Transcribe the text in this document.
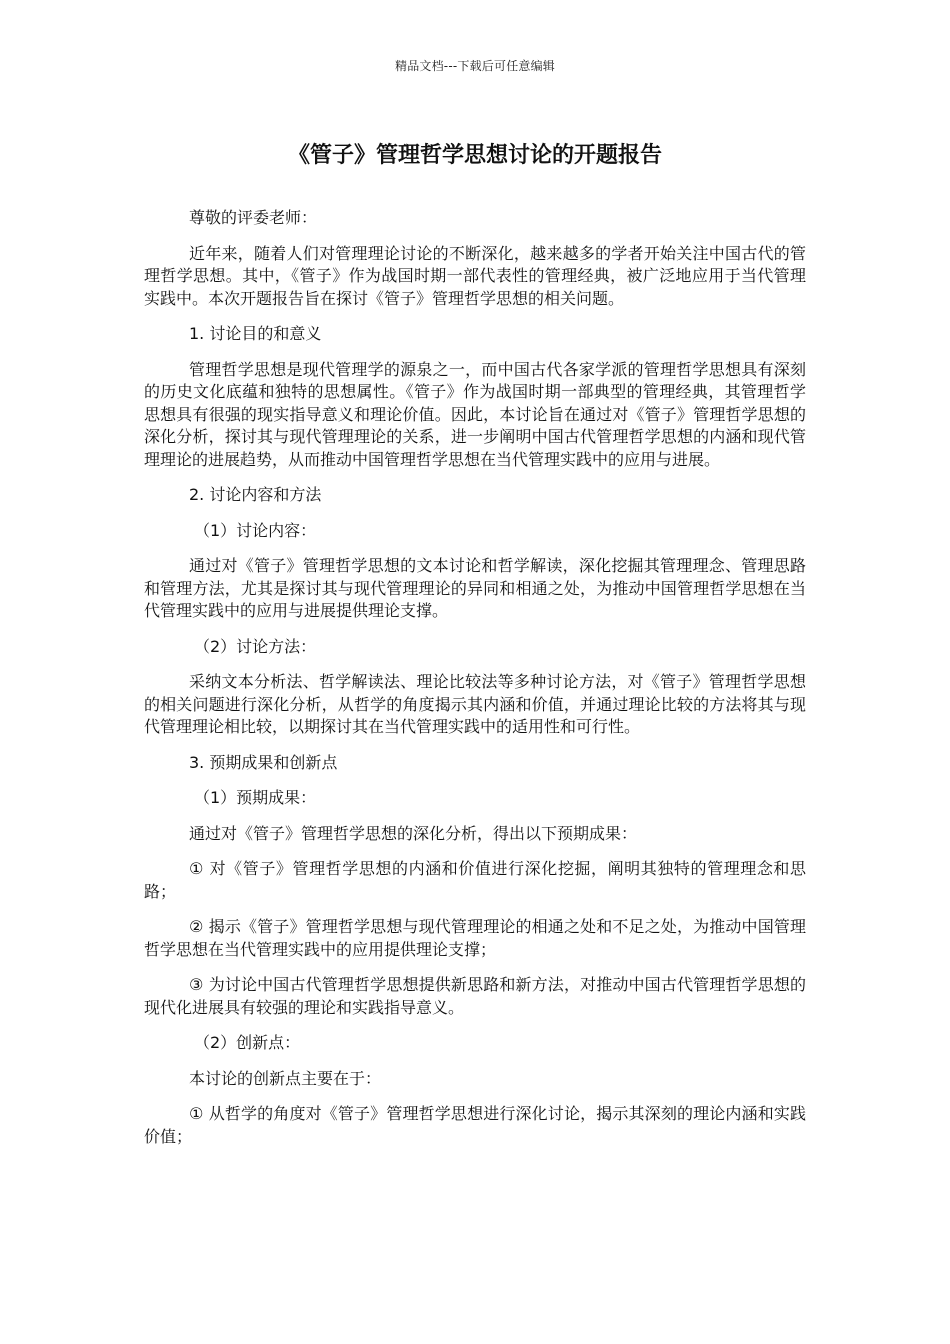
精品文档---下载后可任意编辑
《管子》管理哲学思想讨论的开题报告

尊敬的评委老师：

近年来，随着人们对管理理论讨论的不断深化，越来越多的学者开始关注中国古代的管理哲学思想。其中，《管子》作为战国时期一部代表性的管理经典，被广泛地应用于当代管理实践中。本次开题报告旨在探讨《管子》管理哲学思想的相关问题。

1. 讨论目的和意义

管理哲学思想是现代管理学的源泉之一，而中国古代各家学派的管理哲学思想具有深刻的历史文化底蕴和独特的思想属性。《管子》作为战国时期一部典型的管理经典，其管理哲学思想具有很强的现实指导意义和理论价值。因此，本讨论旨在通过对《管子》管理哲学思想的深化分析，探讨其与现代管理理论的关系，进一步阐明中国古代管理哲学思想的内涵和现代管理理论的进展趋势，从而推动中国管理哲学思想在当代管理实践中的应用与进展。

2. 讨论内容和方法

（1）讨论内容：

通过对《管子》管理哲学思想的文本讨论和哲学解读，深化挖掘其管理理念、管理思路和管理方法，尤其是探讨其与现代管理理论的异同和相通之处，为推动中国管理哲学思想在当代管理实践中的应用与进展提供理论支撑。

（2）讨论方法：

采纳文本分析法、哲学解读法、理论比较法等多种讨论方法，对《管子》管理哲学思想的相关问题进行深化分析，从哲学的角度揭示其内涵和价值，并通过理论比较的方法将其与现代管理理论相比较，以期探讨其在当代管理实践中的适用性和可行性。

3. 预期成果和创新点

（1）预期成果：

通过对《管子》管理哲学思想的深化分析，得出以下预期成果：

① 对《管子》管理哲学思想的内涵和价值进行深化挖掘，阐明其独特的管理理念和思路；

② 揭示《管子》管理哲学思想与现代管理理论的相通之处和不足之处，为推动中国管理哲学思想在当代管理实践中的应用提供理论支撑；

③ 为讨论中国古代管理哲学思想提供新思路和新方法，对推动中国古代管理哲学思想的现代化进展具有较强的理论和实践指导意义。

（2）创新点：

本讨论的创新点主要在于：

① 从哲学的角度对《管子》管理哲学思想进行深化讨论，揭示其深刻的理论内涵和实践价值；
